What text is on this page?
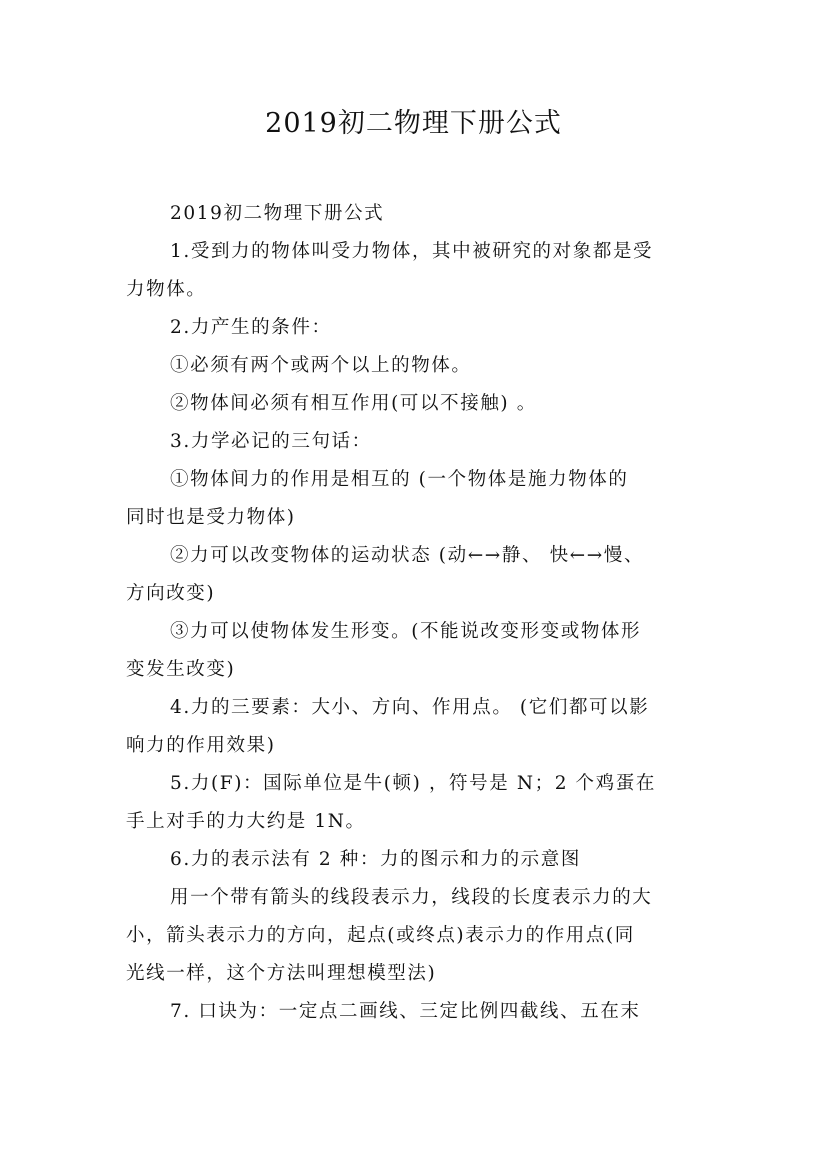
2019初二物理下册公式
2019初二物理下册公式
1.受到力的物体叫受力物体，其中被研究的对象都是受
力物体。
2.力产生的条件：
①必须有两个或两个以上的物体。
②物体间必须有相互作用(可以不接触) 。
3.力学必记的三句话：
①物体间力的作用是相互的 (一个物体是施力物体的
同时也是受力物体)
②力可以改变物体的运动状态 (动←→静、 快←→慢、
方向改变)
③力可以使物体发生形变。(不能说改变形变或物体形
变发生改变)
4.力的三要素：大小、方向、作用点。 (它们都可以影
响力的作用效果)
5.力(F)：国际单位是牛(顿) ，符号是 N；2 个鸡蛋在
手上对手的力大约是 1N。
6.力的表示法有 2 种：力的图示和力的示意图
用一个带有箭头的线段表示力，线段的长度表示力的大
小，箭头表示力的方向，起点(或终点)表示力的作用点(同
光线一样，这个方法叫理想模型法)
7. 口诀为：一定点二画线、三定比例四截线、五在末
